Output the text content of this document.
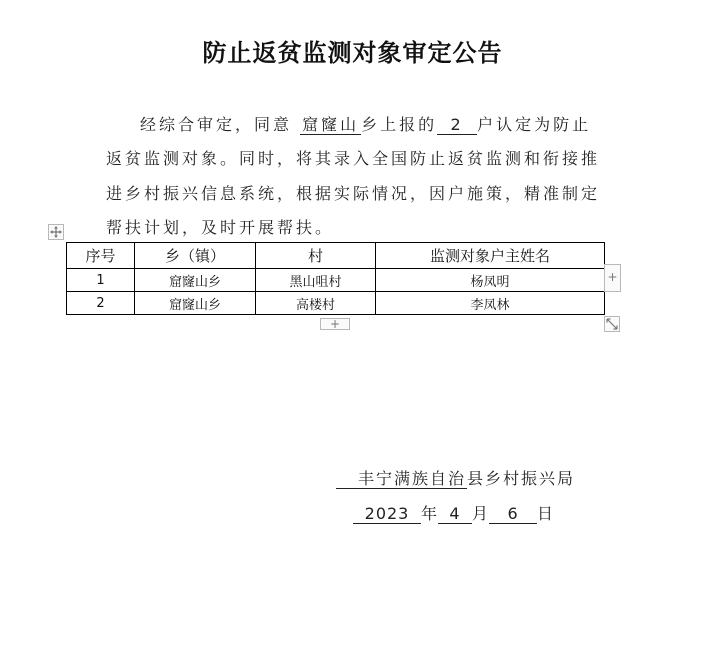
防止返贫监测对象审定公告
经综合审定，同意 窟窿山 乡上报的 2 户认定为防止
返贫监测对象。同时，将其录入全国防止返贫监测和衔接推
进乡村振兴信息系统，根据实际情况，因户施策，精准制定
帮扶计划，及时开展帮扶。
序号	乡（镇）	村	监测对象户主姓名
1	窟窿山乡	黑山咀村	杨凤明
2	窟窿山乡	高楼村	李凤林
+
+
丰宁满族自治县乡村振兴局
2023 年 4 月 6 日
